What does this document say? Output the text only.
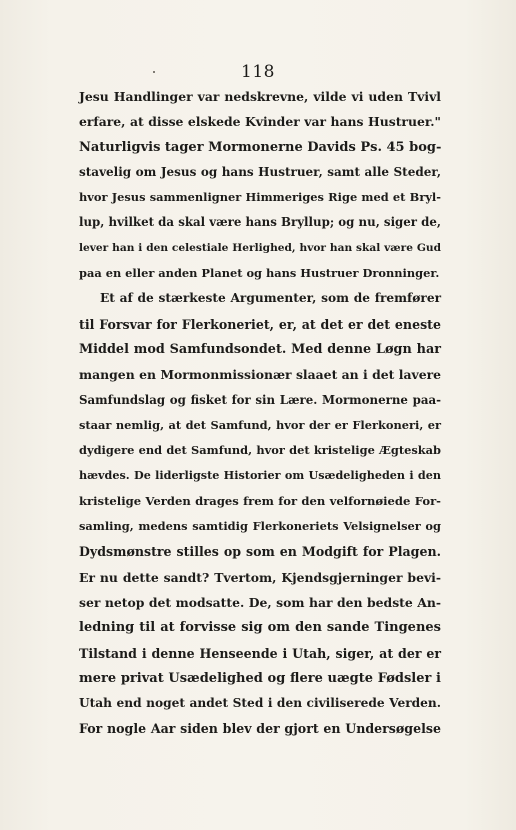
118
Jesu Handlinger var nedskrevne, vilde vi uden Tvivl
erfare, at disse elskede Kvinder var hans Hustruer."
Naturligvis tager Mormonerne Davids Ps. 45 bog-
stavelig om Jesus og hans Hustruer, samt alle Steder,
hvor Jesus sammenligner Himmeriges Rige med et Bryl-
lup, hvilket da skal være hans Bryllup; og nu, siger de,
lever han i den celestiale Herlighed, hvor han skal være Gud
paa en eller anden Planet og hans Hustruer Dronninger.
Et af de stærkeste Argumenter, som de fremfører
til Forsvar for Flerkoneriet, er, at det er det eneste
Middel mod Samfundsondet. Med denne Løgn har
mangen en Mormonmissionær slaaet an i det lavere
Samfundslag og fisket for sin Lære. Mormonerne paa-
staar nemlig, at det Samfund, hvor der er Flerkoneri, er
dydigere end det Samfund, hvor det kristelige Ægteskab
hævdes. De liderligste Historier om Usædeligheden i den
kristelige Verden drages frem for den velfornøiede For-
samling, medens samtidig Flerkoneriets Velsignelser og
Dydsmønstre stilles op som en Modgift for Plagen.
Er nu dette sandt? Tvertom, Kjendsgjerninger bevi-
ser netop det modsatte. De, som har den bedste An-
ledning til at forvisse sig om den sande Tingenes
Tilstand i denne Henseende i Utah, siger, at der er
mere privat Usædelighed og flere uægte Fødsler i
Utah end noget andet Sted i den civiliserede Verden.
For nogle Aar siden blev der gjort en Undersøgelse
